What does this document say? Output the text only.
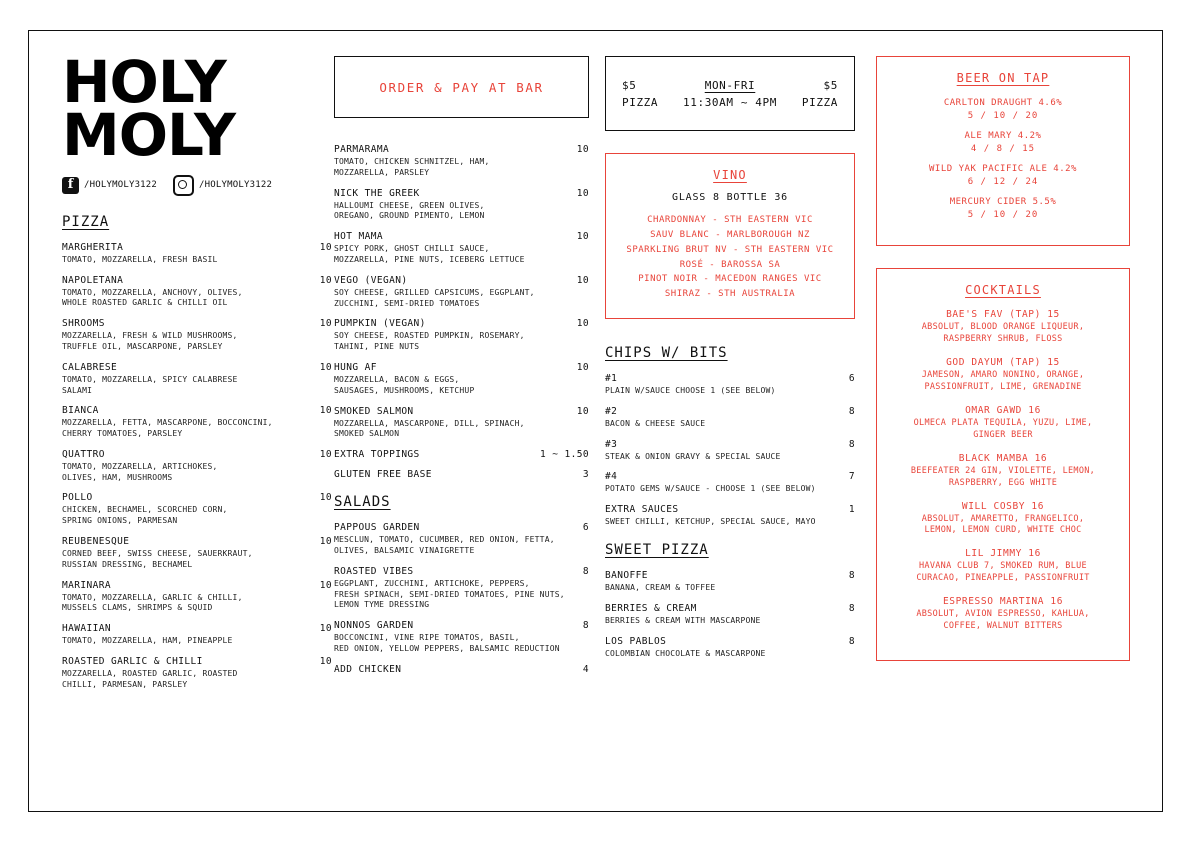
HOLY
MOLY
f
/HOLYMOLY3122	/HOLYMOLY3122
PIZZA
MARGHERITA	10
TOMATO, MOZZARELLA, FRESH BASIL
NAPOLETANA	10
TOMATO, MOZZARELLA, ANCHOVY, OLIVES,
WHOLE ROASTED GARLIC & CHILLI OIL
SHROOMS	10
MOZZARELLA, FRESH & WILD MUSHROOMS,
TRUFFLE OIL, MASCARPONE, PARSLEY
CALABRESE	10
TOMATO, MOZZARELLA, SPICY CALABRESE
SALAMI
BIANCA	10
MOZZARELLA, FETTA, MASCARPONE, BOCCONCINI,
CHERRY TOMATOES, PARSLEY
QUATTRO	10
TOMATO, MOZZARELLA, ARTICHOKES,
OLIVES, HAM, MUSHROOMS
POLLO	10
CHICKEN, BECHAMEL, SCORCHED CORN,
SPRING ONIONS, PARMESAN
REUBENESQUE	10
CORNED BEEF, SWISS CHEESE, SAUERKRAUT,
RUSSIAN DRESSING, BECHAMEL
MARINARA	10
TOMATO, MOZZARELLA, GARLIC & CHILLI,
MUSSELS CLAMS, SHRIMPS & SQUID
HAWAIIAN	10
TOMATO, MOZZARELLA, HAM, PINEAPPLE
ROASTED GARLIC & CHILLI	10
MOZZARELLA, ROASTED GARLIC, ROASTED
CHILLI, PARMESAN, PARSLEY
ORDER & PAY AT BAR
PARMARAMA	10
TOMATO, CHICKEN SCHNITZEL, HAM,
MOZZARELLA, PARSLEY
NICK THE GREEK	10
HALLOUMI CHEESE, GREEN OLIVES,
OREGANO, GROUND PIMENTO, LEMON
HOT MAMA	10
SPICY PORK, GHOST CHILLI SAUCE,
MOZZARELLA, PINE NUTS, ICEBERG LETTUCE
VEGO (VEGAN)	10
SOY CHEESE, GRILLED CAPSICUMS, EGGPLANT,
ZUCCHINI, SEMI-DRIED TOMATOES
PUMPKIN (VEGAN)	10
SOY CHEESE, ROASTED PUMPKIN, ROSEMARY,
TAHINI, PINE NUTS
HUNG AF	10
MOZZARELLA, BACON & EGGS,
SAUSAGES, MUSHROOMS, KETCHUP
SMOKED SALMON	10
MOZZARELLA, MASCARPONE, DILL, SPINACH,
SMOKED SALMON
EXTRA TOPPINGS	1 ~ 1.50
GLUTEN FREE BASE	3
SALADS
PAPPOUS GARDEN	6
MESCLUN, TOMATO, CUCUMBER, RED ONION, FETTA,
OLIVES, BALSAMIC VINAIGRETTE
ROASTED VIBES	8
EGGPLANT, ZUCCHINI, ARTICHOKE, PEPPERS,
FRESH SPINACH, SEMI-DRIED TOMATOES, PINE NUTS,
LEMON TYME DRESSING
NONNOS GARDEN	8
BOCCONCINI, VINE RIPE TOMATOS, BASIL,
RED ONION, YELLOW PEPPERS, BALSAMIC REDUCTION
ADD CHICKEN	4
$5	MON-FRI	$5
PIZZA 11:30AM ~ 4PM PIZZA
VINO
GLASS 8 BOTTLE 36
CHARDONNAY - STH EASTERN VIC
SAUV BLANC - MARLBOROUGH NZ
SPARKLING BRUT NV - STH EASTERN VIC
ROSÉ - BAROSSA SA
PINOT NOIR - MACEDON RANGES VIC
SHIRAZ - STH AUSTRALIA
CHIPS W/ BITS
#1	6
PLAIN W/SAUCE CHOOSE 1 (SEE BELOW)
#2	8
BACON & CHEESE SAUCE
#3	8
STEAK & ONION GRAVY & SPECIAL SAUCE
#4	7
POTATO GEMS W/SAUCE - CHOOSE 1 (SEE BELOW)
EXTRA SAUCES	1
SWEET CHILLI, KETCHUP, SPECIAL SAUCE, MAYO
SWEET PIZZA
BANOFFE	8
BANANA, CREAM & TOFFEE
BERRIES & CREAM	8
BERRIES & CREAM WITH MASCARPONE
LOS PABLOS	8
COLOMBIAN CHOCOLATE & MASCARPONE
BEER ON TAP
CARLTON DRAUGHT 4.6%
5 / 10 / 20
ALE MARY 4.2%
4 / 8 / 15
WILD YAK PACIFIC ALE 4.2%
6 / 12 / 24
MERCURY CIDER 5.5%
5 / 10 / 20
COCKTAILS
BAE'S FAV (TAP) 15
ABSOLUT, BLOOD ORANGE LIQUEUR,
RASPBERRY SHRUB, FLOSS
GOD DAYUM (TAP) 15
JAMESON, AMARO NONINO, ORANGE,
PASSIONFRUIT, LIME, GRENADINE
OMAR GAWD 16
OLMECA PLATA TEQUILA, YUZU, LIME,
GINGER BEER
BLACK MAMBA 16
BEEFEATER 24 GIN, VIOLETTE, LEMON,
RASPBERRY, EGG WHITE
WILL COSBY 16
ABSOLUT, AMARETTO, FRANGELICO,
LEMON, LEMON CURD, WHITE CHOC
LIL JIMMY 16
HAVANA CLUB 7, SMOKED RUM, BLUE
CURACAO, PINEAPPLE, PASSIONFRUIT
ESPRESSO MARTINA 16
ABSOLUT, AVION ESPRESSO, KAHLUA,
COFFEE, WALNUT BITTERS
